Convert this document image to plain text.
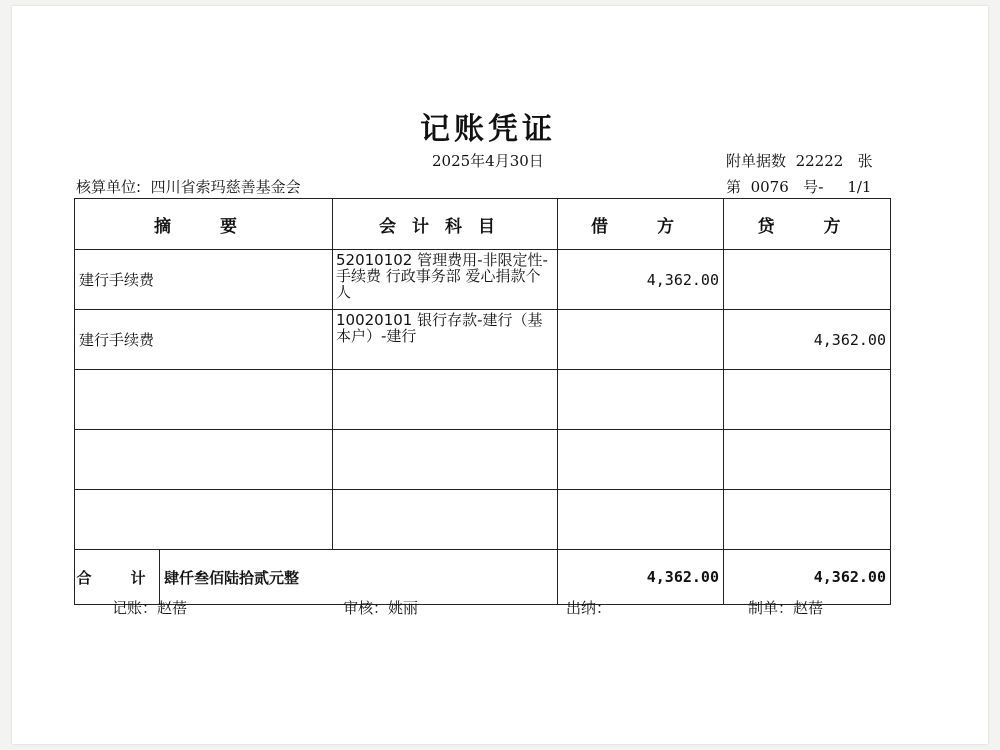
记账凭证
2025年4月30日	附单据数 22222 张
核算单位: 四川省索玛慈善基金会	第 0076 号- 1/1
摘　要	会计科目	借　方	贷　方
建行手续费	52010102 管理费用-非限定性-手续费 行政事务部 爱心捐款个人	4,362.00	
建行手续费	10020101 银行存款-建行（基本户）-建行		4,362.00

合　计 肆仟叁佰陆拾贰元整		4,362.00	4,362.00
记账：赵蓓	审核：姚丽	出纳：	制单：赵蓓
